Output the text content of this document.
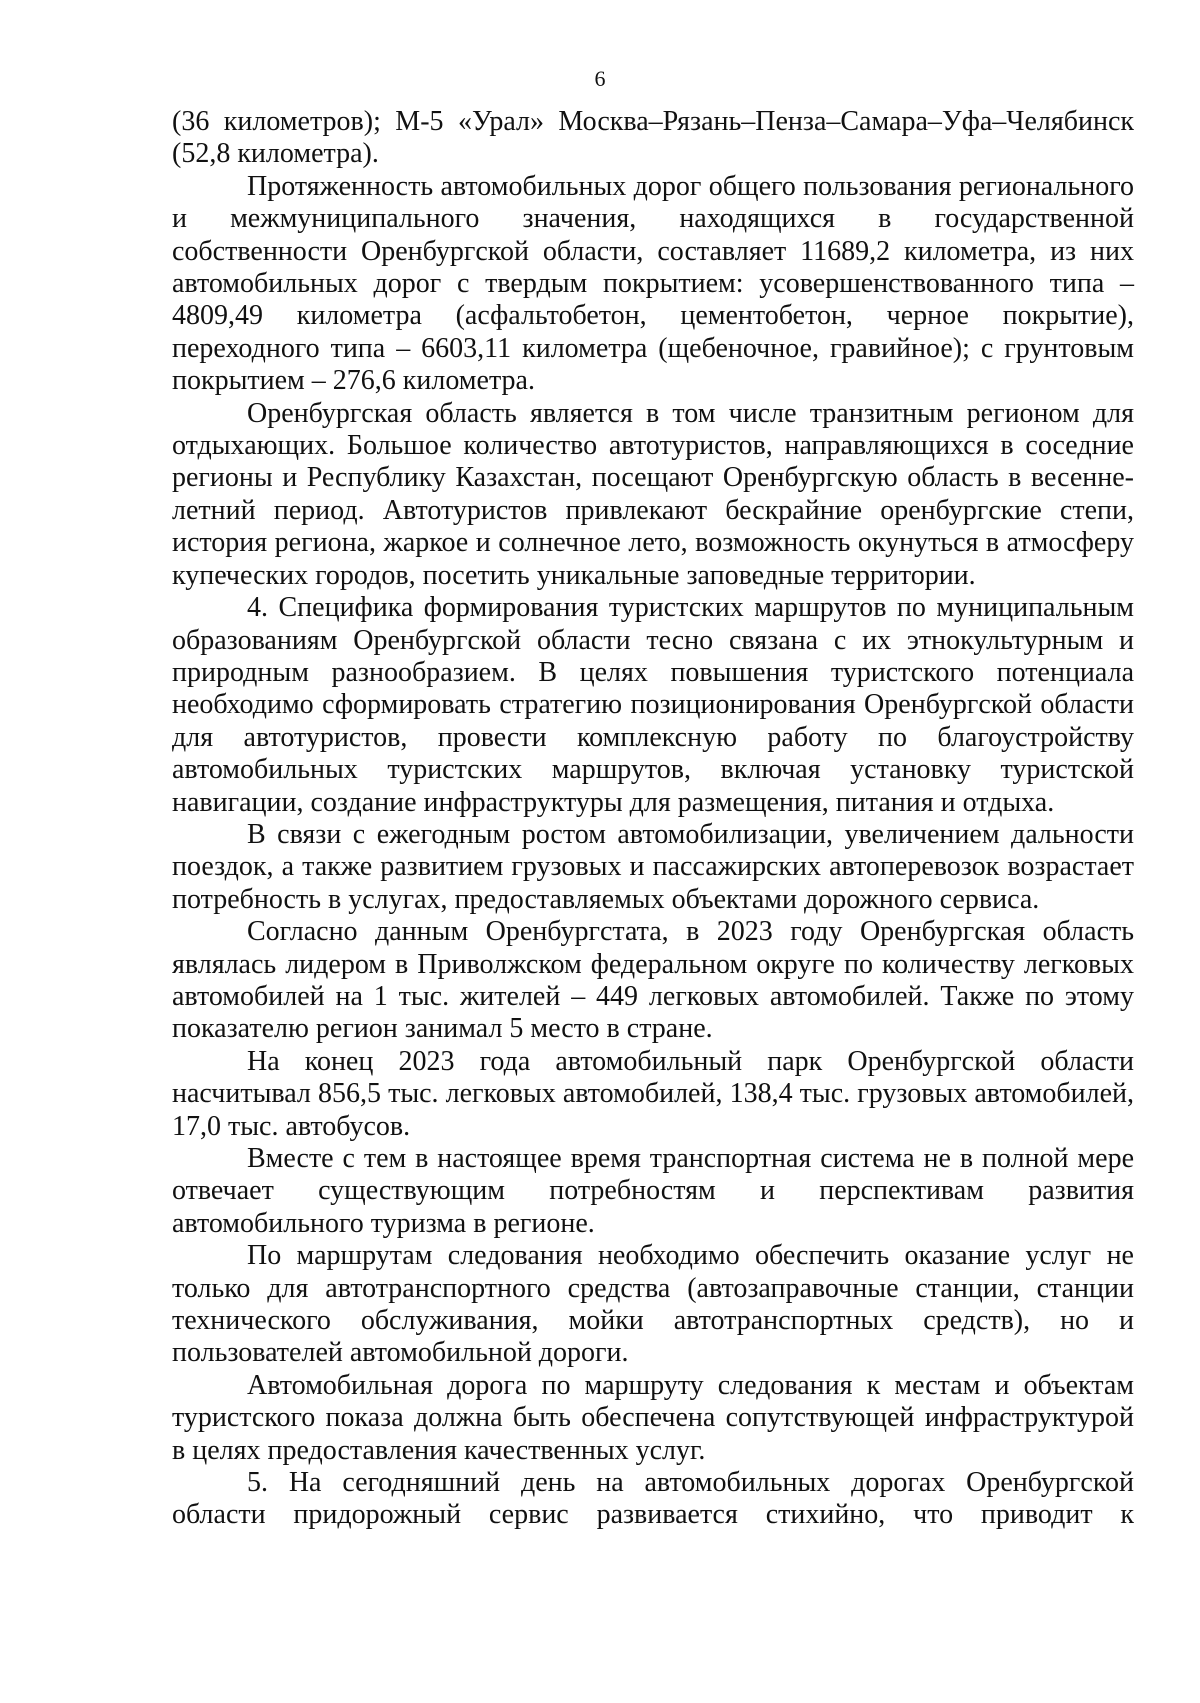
6

(36 километров); М-5 «Урал» Москва–Рязань–Пенза–Самара–Уфа–Челябинск (52,8 километра).

Протяженность автомобильных дорог общего пользования регионального и межмуниципального значения, находящихся в государственной собственности Оренбургской области, составляет 11689,2 километра, из них автомобильных дорог с твердым покрытием: усовершенствованного типа – 4809,49 километра (асфальтобетон, цементобетон, черное покрытие), переходного типа – 6603,11 километра (щебеночное, гравийное); с грунтовым покрытием – 276,6 километра.

Оренбургская область является в том числе транзитным регионом для отдыхающих. Большое количество автотуристов, направляющихся в соседние регионы и Республику Казахстан, посещают Оренбургскую область в весенне-летний период. Автотуристов привлекают бескрайние оренбургские степи, история региона, жаркое и солнечное лето, возможность окунуться в атмосферу купеческих городов, посетить уникальные заповедные территории.

4. Специфика формирования туристских маршрутов по муниципальным образованиям Оренбургской области тесно связана с их этнокультурным и природным разнообразием. В целях повышения туристского потенциала необходимо сформировать стратегию позиционирования Оренбургской области для автотуристов, провести комплексную работу по благоустройству автомобильных туристских маршрутов, включая установку туристской навигации, создание инфраструктуры для размещения, питания и отдыха.

В связи с ежегодным ростом автомобилизации, увеличением дальности поездок, а также развитием грузовых и пассажирских автоперевозок возрастает потребность в услугах, предоставляемых объектами дорожного сервиса.

Согласно данным Оренбургстата, в 2023 году Оренбургская область являлась лидером в Приволжском федеральном округе по количеству легковых автомобилей на 1 тыс. жителей – 449 легковых автомобилей. Также по этому показателю регион занимал 5 место в стране.

На конец 2023 года автомобильный парк Оренбургской области насчитывал 856,5 тыс. легковых автомобилей, 138,4 тыс. грузовых автомобилей, 17,0 тыс. автобусов.

Вместе с тем в настоящее время транспортная система не в полной мере отвечает существующим потребностям и перспективам развития автомобильного туризма в регионе.

По маршрутам следования необходимо обеспечить оказание услуг не только для автотранспортного средства (автозаправочные станции, станции технического обслуживания, мойки автотранспортных средств), но и пользователей автомобильной дороги.

Автомобильная дорога по маршруту следования к местам и объектам туристского показа должна быть обеспечена сопутствующей инфраструктурой в целях предоставления качественных услуг.

5. На сегодняшний день на автомобильных дорогах Оренбургской области придорожный сервис развивается стихийно, что приводит к
